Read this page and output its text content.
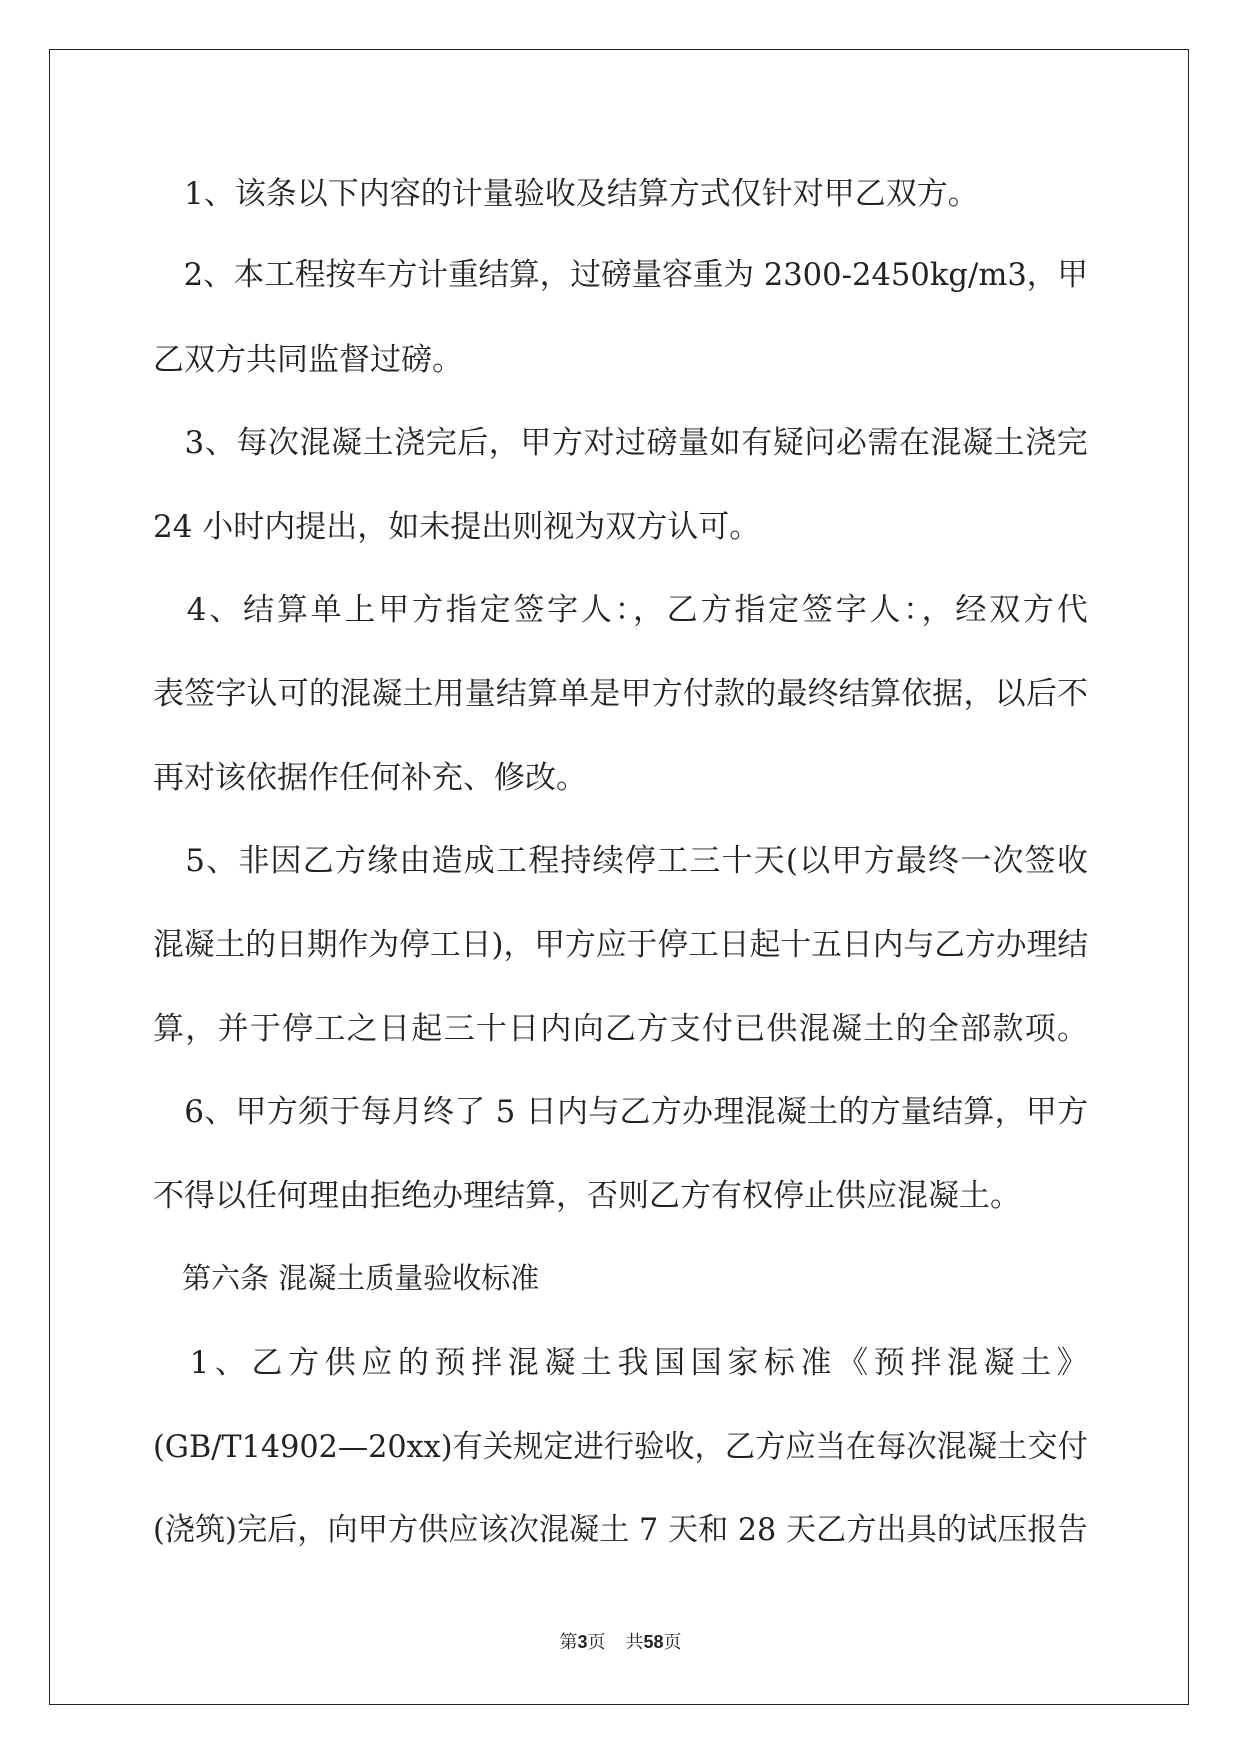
　1、该条以下内容的计量验收及结算方式仅针对甲乙双方。

　2、本工程按车方计重结算，过磅量容重为 2300-2450kg/m3，甲

乙双方共同监督过磅。

　3、每次混凝土浇完后，甲方对过磅量如有疑问必需在混凝土浇完

24 小时内提出，如未提出则视为双方认可。

　4、结算单上甲方指定签字人：，乙方指定签字人：，经双方代

表签字认可的混凝土用量结算单是甲方付款的最终结算依据，以后不

再对该依据作任何补充、修改。

　5、非因乙方缘由造成工程持续停工三十天(以甲方最终一次签收

混凝土的日期作为停工日)，甲方应于停工日起十五日内与乙方办理结

算，并于停工之日起三十日内向乙方支付已供混凝土的全部款项。

　6、甲方须于每月终了 5 日内与乙方办理混凝土的方量结算，甲方

不得以任何理由拒绝办理结算，否则乙方有权停止供应混凝土。

　第六条 混凝土质量验收标准

　1、乙方供应的预拌混凝土我国国家标准《预拌混凝土》

(GB/T14902—20xx)有关规定进行验收，乙方应当在每次混凝土交付

(浇筑)完后，向甲方供应该次混凝土 7 天和 28 天乙方出具的试压报告

第3页 共58页
